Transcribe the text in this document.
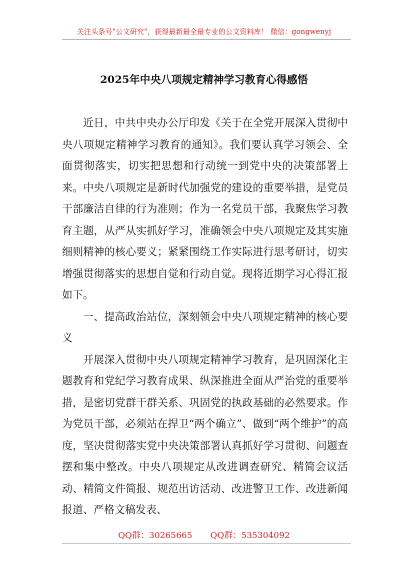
关注头条号"公文研究"，获得最新最全最专业的公文资料库！ 微信：gongwenyj
2025年中央八项规定精神学习教育心得感悟

近日，中共中央办公厅印发《关于在全党开展深入贯彻中央八项规定精神学习教育的通知》。我们要认真学习领会、全面贯彻落实，切实把思想和行动统一到党中央的决策部署上来。中央八项规定是新时代加强党的建设的重要举措，是党员干部廉洁自律的行为准则；作为一名党员干部，我聚焦学习教育主题，从严从实抓好学习，准确领会中央八项规定及其实施细则精神的核心要义；紧紧围绕工作实际进行思考研讨，切实增强贯彻落实的思想自觉和行动自觉。现将近期学习心得汇报如下。

一、提高政治站位，深刻领会中央八项规定精神的核心要义

开展深入贯彻中央八项规定精神学习教育，是巩固深化主题教育和党纪学习教育成果、纵深推进全面从严治党的重要举措，是密切党群干群关系、巩固党的执政基础的必然要求。作为党员干部，必须站在捍卫“两个确立”、做到“两个维护”的高度，坚决贯彻落实党中央决策部署认真抓好学习贯彻、问题查摆和集中整改。中央八项规定从改进调查研究、精简会议活动、精简文件简报、规范出访活动、改进警卫工作、改进新闻报道、严格文稿发表、

QQ群：30265665 QQ群：535304092
